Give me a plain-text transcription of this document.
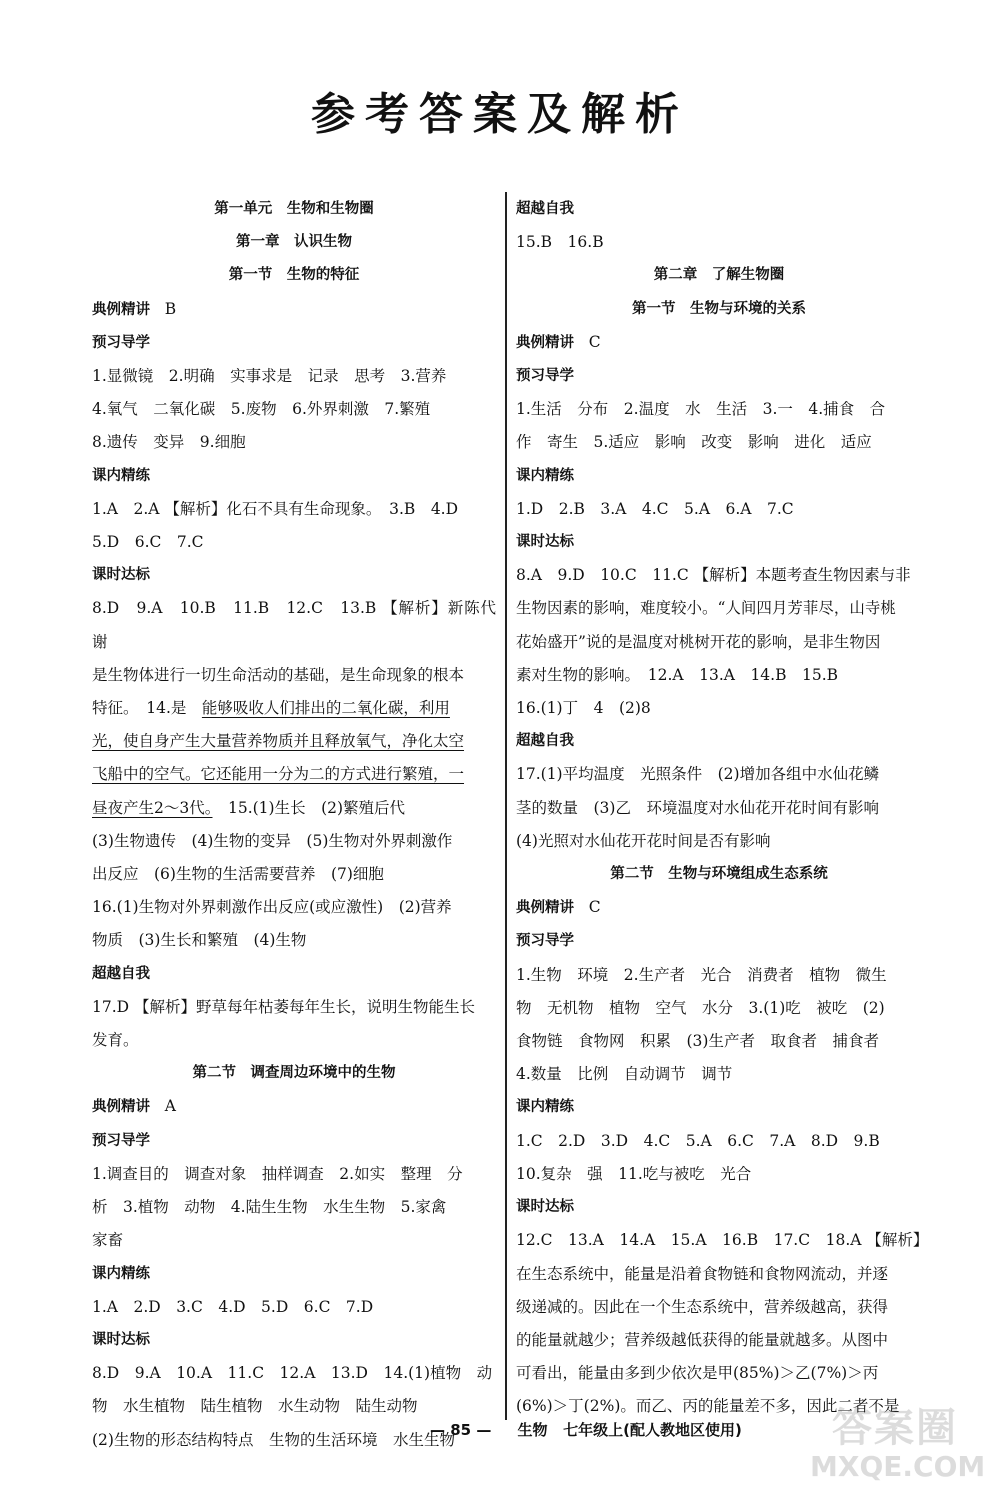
参考答案及解析
第一单元　生物和生物圈
第一章　认识生物
第一节　生物的特征
典例精讲 B
预习导学
1.显微镜　2.明确　实事求是　记录　思考　3.营养
4.氧气　二氧化碳　5.废物　6.外界刺激　7.繁殖
8.遗传　变异　9.细胞
课内精练
1.A　2.A 【解析】化石不具有生命现象。　3.B　4.D
5.D　6.C　7.C
课时达标
8.D　9.A　10.B　11.B　12.C　13.B 【解析】新陈代谢
是生物体进行一切生命活动的基础，是生命现象的根本
特征。　14.是　能够吸收人们排出的二氧化碳，利用
光，使自身产生大量营养物质并且释放氧气，净化太空
飞船中的空气。它还能用一分为二的方式进行繁殖，一
昼夜产生2～3代。　15.(1)生长　(2)繁殖后代
(3)生物遗传　(4)生物的变异　(5)生物对外界刺激作
出反应　(6)生物的生活需要营养　(7)细胞
16.(1)生物对外界刺激作出反应(或应激性)　(2)营养
物质　(3)生长和繁殖　(4)生物
超越自我
17.D 【解析】野草每年枯萎每年生长，说明生物能生长
发育。
第二节　调查周边环境中的生物
典例精讲 A
预习导学
1.调查目的　调查对象　抽样调查　2.如实　整理　分
析　3.植物　动物　4.陆生生物　水生生物　5.家禽
家畜
课内精练
1.A　2.D　3.C　4.D　5.D　6.C　7.D
课时达标
8.D　9.A　10.A　11.C　12.A　13.D　14.(1)植物　动
物　水生植物　陆生植物　水生动物　陆生动物
(2)生物的形态结构特点　生物的生活环境　水生生物
超越自我
15.B　16.B
第二章　了解生物圈
第一节　生物与环境的关系
典例精讲 C
预习导学
1.生活　分布　2.温度　水　生活　3.一　4.捕食　合
作　寄生　5.适应　影响　改变　影响　进化　适应
课内精练
1.D　2.B　3.A　4.C　5.A　6.A　7.C
课时达标
8.A　9.D　10.C　11.C 【解析】本题考查生物因素与非
生物因素的影响，难度较小。“人间四月芳菲尽，山寺桃
花始盛开”说的是温度对桃树开花的影响，是非生物因
素对生物的影响。　12.A　13.A　14.B　15.B
16.(1)丁　4　(2)8
超越自我
17.(1)平均温度　光照条件　(2)增加各组中水仙花鳞
茎的数量　(3)乙　环境温度对水仙花开花时间有影响
(4)光照对水仙花开花时间是否有影响
第二节　生物与环境组成生态系统
典例精讲 C
预习导学
1.生物　环境　2.生产者　光合　消费者　植物　微生
物　无机物　植物　空气　水分　3.(1)吃　被吃　(2)
食物链　食物网　积累　(3)生产者　取食者　捕食者
4.数量　比例　自动调节　调节
课内精练
1.C　2.D　3.D　4.C　5.A　6.C　7.A　8.D　9.B
10.复杂　强　11.吃与被吃　光合
课时达标
12.C　13.A　14.A　15.A　16.B　17.C　18.A 【解析】
在生态系统中，能量是沿着食物链和食物网流动，并逐
级递减的。因此在一个生态系统中，营养级越高，获得
的能量就越少；营养级越低获得的能量就越多。从图中
可看出，能量由多到少依次是甲(85%)＞乙(7%)＞丙
(6%)＞丁(2%)。而乙、丙的能量差不多，因此二者不是
— 85 — 生物 七年级上(配人教地区使用)	答案圈
MXQE.COM
